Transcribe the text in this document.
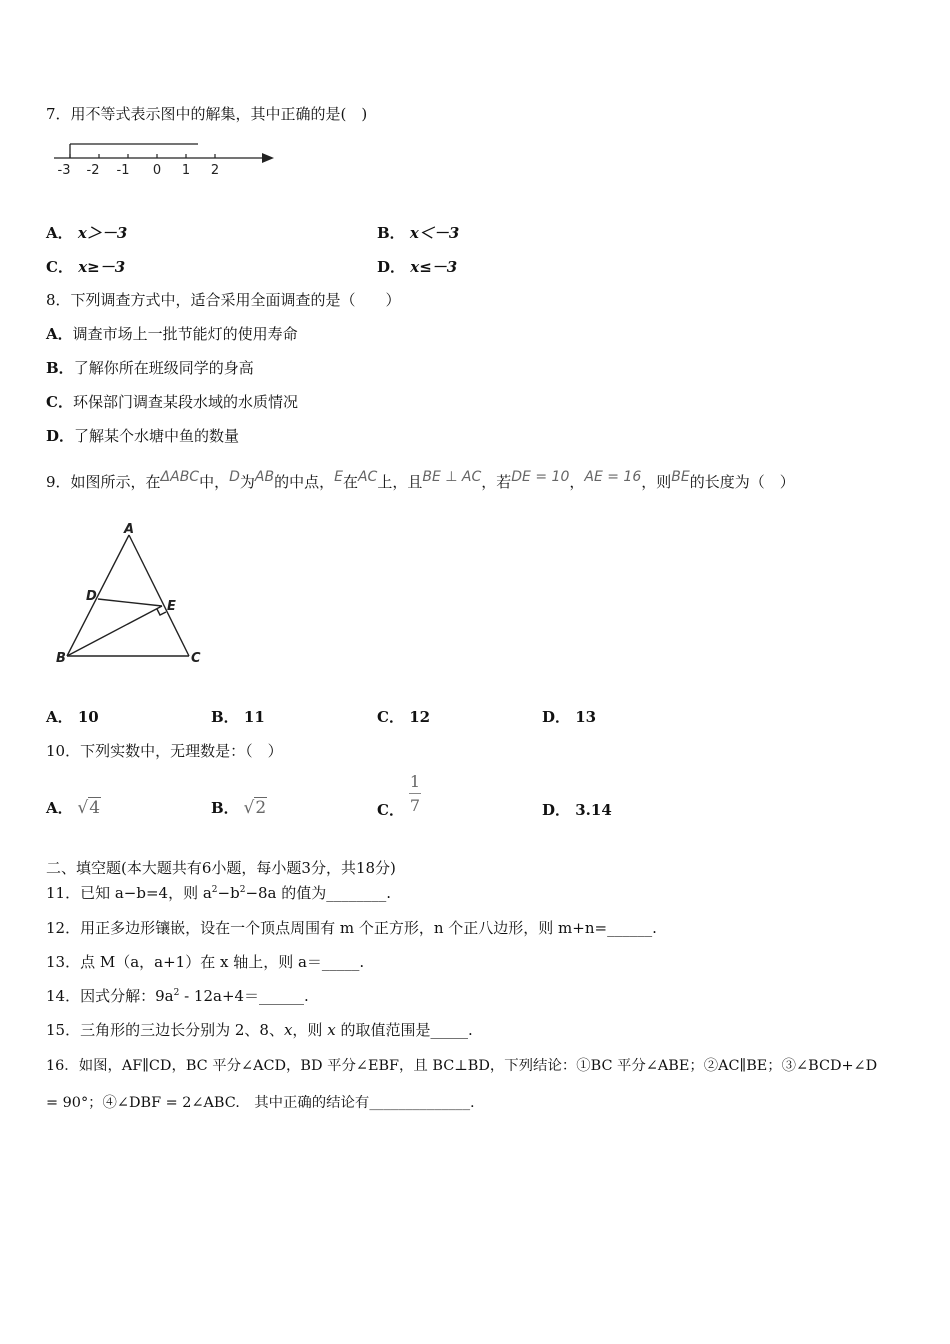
7．用不等式表示图中的解集，其中正确的是(　)
-3 -2 -1 0 1 2
A． x＞－3	B． x＜－3
C． x≥－3	D． x≤－3
8．下列调查方式中，适合采用全面调查的是（　　）
A．调查市场上一批节能灯的使用寿命
B．了解你所在班级同学的身高
C．环保部门调查某段水域的水质情况
D．了解某个水塘中鱼的数量
9．如图所示，在ΔABC中，D为AB的中点，E在AC上，且BE ⊥ AC，若DE = 10，AE = 16，则BE的长度为（　）
A
D
E
B	C
A． 10	B． 11	C． 12	D． 13
10．下列实数中，无理数是：（　）
A． √4	B． √2	C．
1
7	D． 3.14
二、填空题(本大题共有6小题，每小题3分，共18分)
11．已知 a−b=4，则 $a^2-b^2-8a$ 的值为________.
12．用正多边形镶嵌，设在一个顶点周围有 m 个正方形，n 个正八边形，则 m+n=______.
13．点 M（a，a+1）在 x 轴上，则 a＝_____.
14．因式分解：$9a^2$ - 12a+4＝______.
15．三角形的三边长分别为 2、8、x，则 x 的取值范围是_____.
16．如图，AF∥CD，BC 平分∠ACD，BD 平分∠EBF，且 BC⊥BD，下列结论：①BC 平分∠ABE；②AC∥BE；③∠BCD+∠D
= 90°；④∠DBF = 2∠ABC.　其中正确的结论有______________.
